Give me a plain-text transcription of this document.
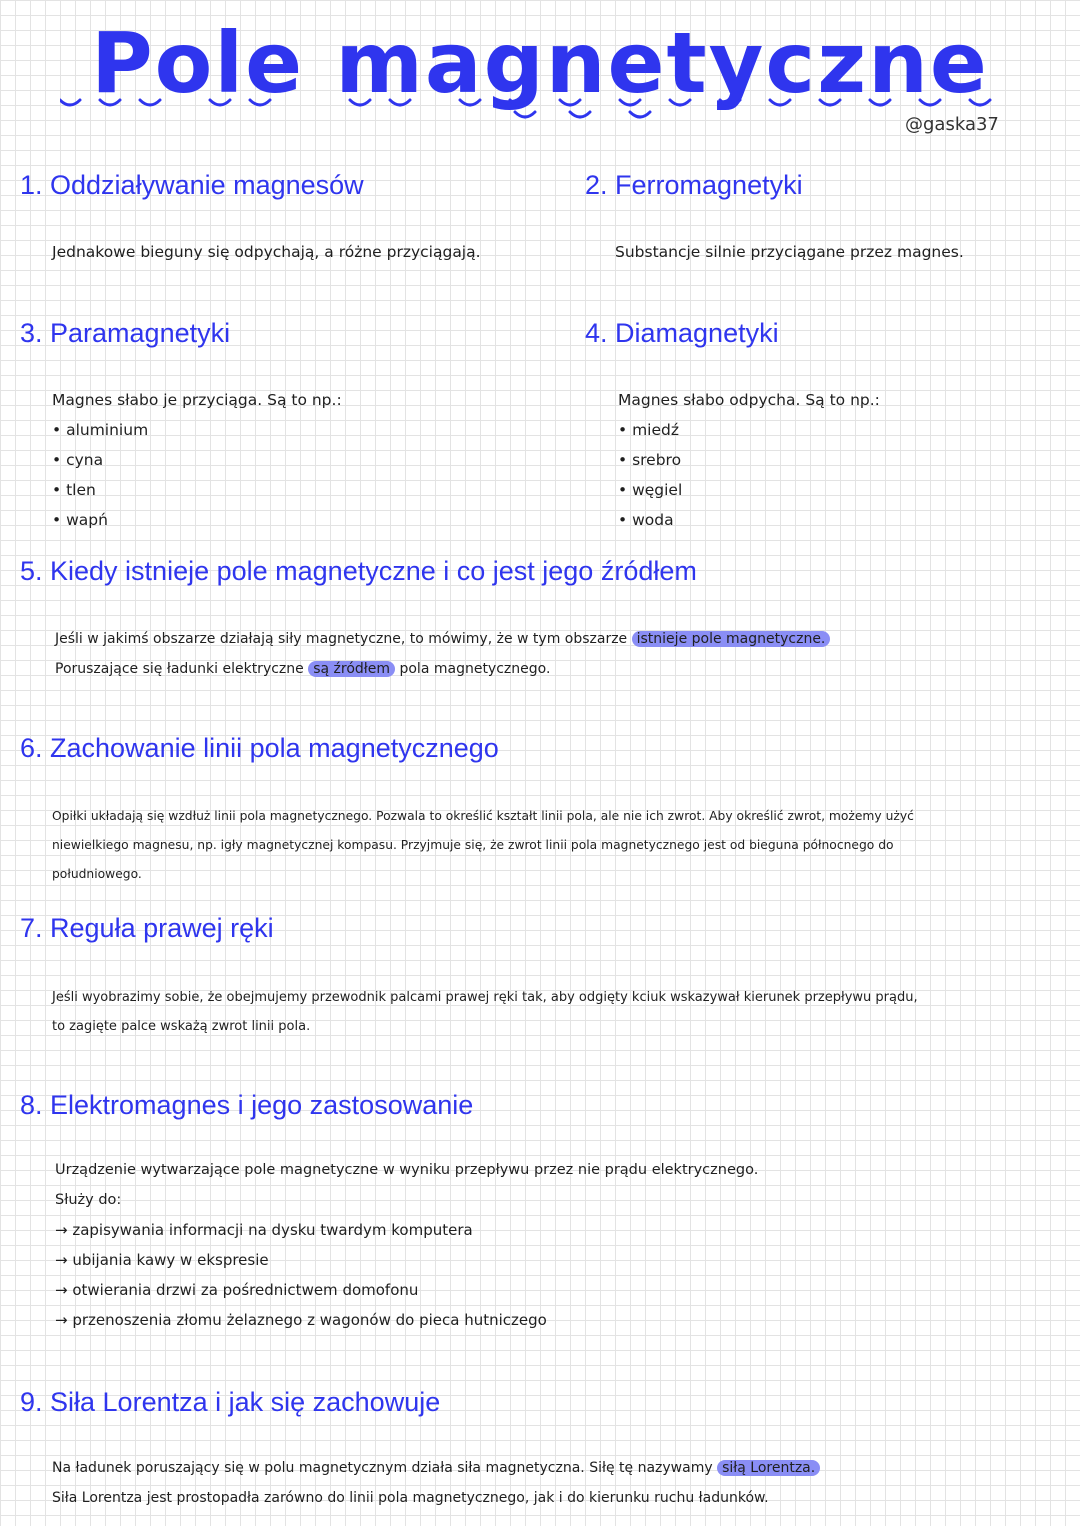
Pole magnetyczne
@gaska37
1. Oddziaływanie magnesów
Jednakowe bieguny się odpychają, a różne przyciągają.
2. Ferromagnetyki
Substancje silnie przyciągane przez magnes.
3. Paramagnetyki
Magnes słabo je przyciąga. Są to np.:
• aluminium
• cyna
• tlen
• wapń
4. Diamagnetyki
Magnes słabo odpycha. Są to np.:
• miedź
• srebro
• węgiel
• woda
5. Kiedy istnieje pole magnetyczne i co jest jego źródłem
Jeśli w jakimś obszarze działają siły magnetyczne, to mówimy, że w tym obszarze istnieje pole magnetyczne.
Poruszające się ładunki elektryczne są źródłem pola magnetycznego.
6. Zachowanie linii pola magnetycznego
Opiłki układają się wzdłuż linii pola magnetycznego. Pozwala to określić kształt linii pola, ale nie ich zwrot. Aby określić zwrot, możemy użyć
niewielkiego magnesu, np. igły magnetycznej kompasu. Przyjmuje się, że zwrot linii pola magnetycznego jest od bieguna północnego do
południowego.
7. Reguła prawej ręki
Jeśli wyobrazimy sobie, że obejmujemy przewodnik palcami prawej ręki tak, aby odgięty kciuk wskazywał kierunek przepływu prądu,
to zagięte palce wskażą zwrot linii pola.
8. Elektromagnes i jego zastosowanie
Urządzenie wytwarzające pole magnetyczne w wyniku przepływu przez nie prądu elektrycznego.
Służy do:
→ zapisywania informacji na dysku twardym komputera
→ ubijania kawy w ekspresie
→ otwierania drzwi za pośrednictwem domofonu
→ przenoszenia złomu żelaznego z wagonów do pieca hutniczego
9. Siła Lorentza i jak się zachowuje
Na ładunek poruszający się w polu magnetycznym działa siła magnetyczna. Siłę tę nazywamy siłą Lorentza.
Siła Lorentza jest prostopadła zarówno do linii pola magnetycznego, jak i do kierunku ruchu ładunków.
